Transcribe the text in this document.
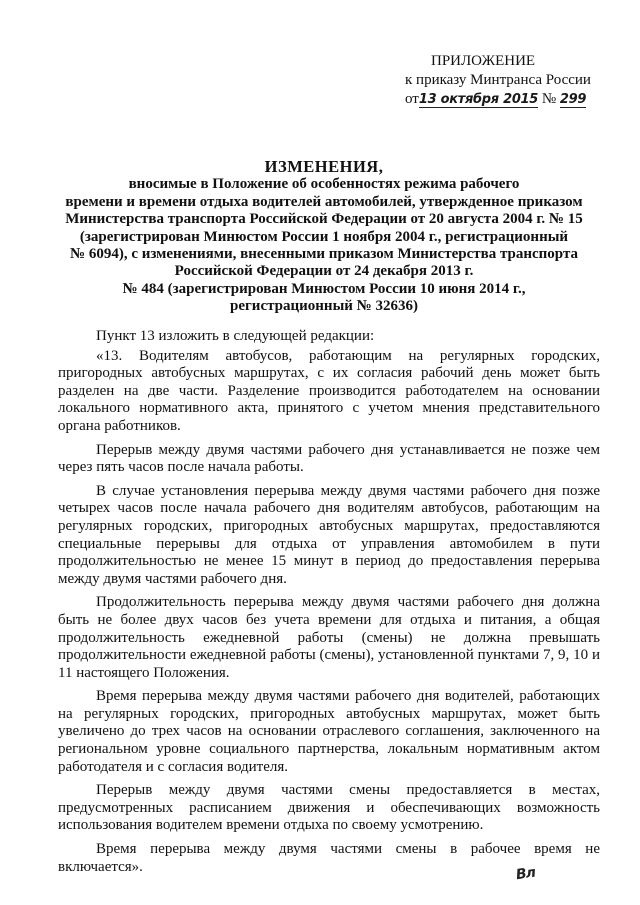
ПРИЛОЖЕНИЕ
к приказу Минтранса России
от13 октября 2015 № 299
ИЗМЕНЕНИЯ,
вносимые в Положение об особенностях режима рабочего
времени и времени отдыха водителей автомобилей, утвержденное приказом
Министерства транспорта Российской Федерации от 20 августа 2004 г. № 15
(зарегистрирован Минюстом России 1 ноября 2004 г., регистрационный
№ 6094), с изменениями, внесенными приказом Министерства транспорта
Российской Федерации от 24 декабря 2013 г.
№ 484 (зарегистрирован Минюстом России 10 июня 2014 г.,
регистрационный № 32636)

Пункт 13 изложить в следующей редакции:

«13. Водителям автобусов, работающим на регулярных городских, пригородных автобусных маршрутах, с их согласия рабочий день может быть разделен на две части. Разделение производится работодателем на основании локального нормативного акта, принятого с учетом мнения представительного органа работников.

Перерыв между двумя частями рабочего дня устанавливается не позже чем через пять часов после начала работы.

В случае установления перерыва между двумя частями рабочего дня позже четырех часов после начала рабочего дня водителям автобусов, работающим на регулярных городских, пригородных автобусных маршрутах, предоставляются специальные перерывы для отдыха от управления автомобилем в пути продолжительностью не менее 15 минут в период до предоставления перерыва между двумя частями рабочего дня.

Продолжительность перерыва между двумя частями рабочего дня должна быть не более двух часов без учета времени для отдыха и питания, а общая продолжительность ежедневной работы (смены) не должна превышать продолжительности ежедневной работы (смены), установленной пунктами 7, 9, 10 и 11 настоящего Положения.

Время перерыва между двумя частями рабочего дня водителей, работающих на регулярных городских, пригородных автобусных маршрутах, может быть увеличено до трех часов на основании отраслевого соглашения, заключенного на региональном уровне социального партнерства, локальным нормативным актом работодателя и с согласия водителя.

Перерыв между двумя частями смены предоставляется в местах, предусмотренных расписанием движения и обеспечивающих возможность использования водителем времени отдыха по своему усмотрению.

Время перерыва между двумя частями смены в рабочее время не включается».	Вл
